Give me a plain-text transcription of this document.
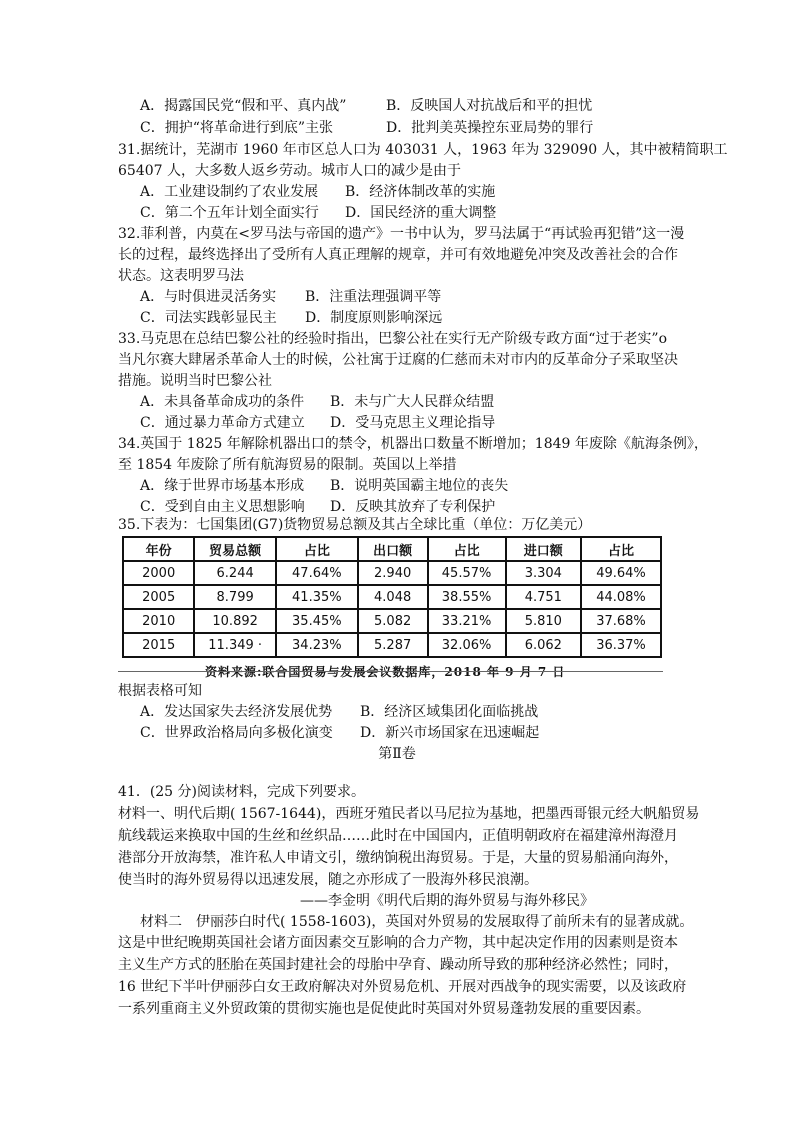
A．揭露国民党“假和平、真内战”	B．反映国人对抗战后和平的担忧
C．拥护“将革命进行到底”主张	D．批判美英操控东亚局势的罪行
31.据统计，芜湖市 1960 年市区总人口为 403031 人，1963 年为 329090 人，其中被精简职工
65407 人，大多数人返乡劳动。城市人口的减少是由于
A．工业建设制约了农业发展 B．经济体制改革的实施
C．第二个五年计划全面实行 D．国民经济的重大调整
32.菲利普，内莫在<罗马法与帝国的遗产》一书中认为，罗马法属于“再试验再犯错”这一漫
长的过程，最终选择出了受所有人真正理解的规章，并可有效地避免冲突及改善社会的合作
状态。这表明罗马法
A．与时俱进灵活务实 B．注重法理强调平等
C．司法实践彰显民主 D．制度原则影响深远
33.马克思在总结巴黎公社的经验时指出，巴黎公社在实行无产阶级专政方面“过于老实”o
当凡尔赛大肆屠杀革命人士的时候，公社寓于迂腐的仁慈而未对市内的反革命分子采取坚决
措施。说明当时巴黎公社
A．未具备革命成功的条件 B．未与广大人民群众结盟
C．通过暴力革命方式建立 D．受马克思主义理论指导
34.英国于 1825 年解除机器出口的禁令，机器出口数量不断增加；1849 年废除《航海条例》，
至 1854 年废除了所有航海贸易的限制。英国以上举措
A．缘于世界市场基本形成 B．说明英国霸主地位的丧失
C．受到自由主义思想影响 D．反映其放弃了专利保护
35.下表为：七国集团(G7)货物贸易总额及其占全球比重（单位：万亿美元）
年份	贸易总额	占比	出口额	占比	进口额	占比
2000	6.244	47.64%	2.940	45.57%	3.304	49.64%
2005	8.799	41.35%	4.048	38.55%	4.751	44.08%
2010	10.892	35.45%	5.082	33.21%	5.810	37.68%
2015	11.349 ·	34.23%	5.287	32.06%	6.062	36.37%
资料来源:联合国贸易与发展会议数据库，2018 年 9 月 7 日
根据表格可知
A．发达国家失去经济发展优势 B．经济区域集团化面临挑战
C．世界政治格局向多极化演变 D．新兴市场国家在迅速崛起
第Ⅱ卷
41．(25 分)阅读材料，完成下列要求。
材料一、明代后期( 1567-1644)，西班牙殖民者以马尼拉为基地，把墨西哥银元经大帆船贸易
航线载运来换取中国的生丝和丝织品……此时在中国国内，正值明朝政府在福建漳州海澄月
港部分开放海禁，准许私人申请文引，缴纳饷税出海贸易。于是，大量的贸易船涌向海外，
使当时的海外贸易得以迅速发展，随之亦形成了一股海外移民浪潮。
——李金明《明代后期的海外贸易与海外移民》
材料二　伊丽莎白时代( 1558-1603)，英国对外贸易的发展取得了前所未有的显著成就。
这是中世纪晚期英国社会诸方面因素交互影响的合力产物，其中起决定作用的因素则是资本
主义生产方式的胚胎在英国封建社会的母胎中孕育、躁动所导致的那种经济必然性；同时，
16 世纪下半叶伊丽莎白女王政府解决对外贸易危机、开展对西战争的现实需要，以及该政府
一系列重商主义外贸政策的贯彻实施也是促使此时英国对外贸易蓬勃发展的重要因素。
